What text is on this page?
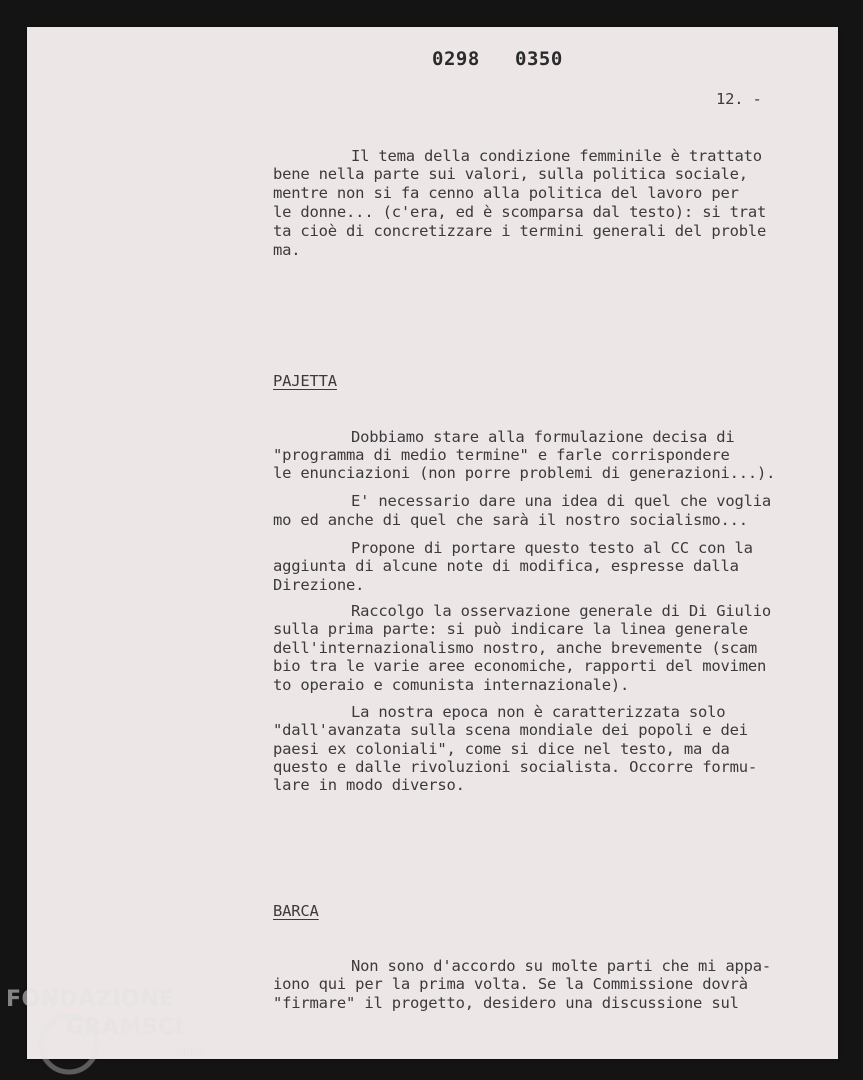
0298 0350
12. -
Il tema della condizione femminile è trattato
bene nella parte sui valori, sulla politica sociale,
mentre non si fa cenno alla politica del lavoro per
le donne... (c'era, ed è scomparsa dal testo): si trat
ta cioè di concretizzare i termini generali del proble
ma.
PAJETTA
Dobbiamo stare alla formulazione decisa di
"programma di medio termine" e farle corrispondere
le enunciazioni (non porre problemi di generazioni...).
E' necessario dare una idea di quel che voglia
mo ed anche di quel che sarà il nostro socialismo...
Propone di portare questo testo al CC con la
aggiunta di alcune note di modifica, espresse dalla
Direzione.
Raccolgo la osservazione generale di Di Giulio
sulla prima parte: si può indicare la linea generale
dell'internazionalismo nostro, anche brevemente (scam
bio tra le varie aree economiche, rapporti del movimen
to operaio e comunista internazionale).
La nostra epoca non è caratterizzata solo
"dall'avanzata sulla scena mondiale dei popoli e dei
paesi ex coloniali", come si dice nel testo, ma da
questo e dalle rivoluzioni socialista. Occorre formu-
lare in modo diverso.
BARCA
Non sono d'accordo su molte parti che mi appa-
iono qui per la prima volta. Se la Commissione dovrà
"firmare" il progetto, desidero una discussione sul
FONDAZIONE
GRAMSCI
onlus
